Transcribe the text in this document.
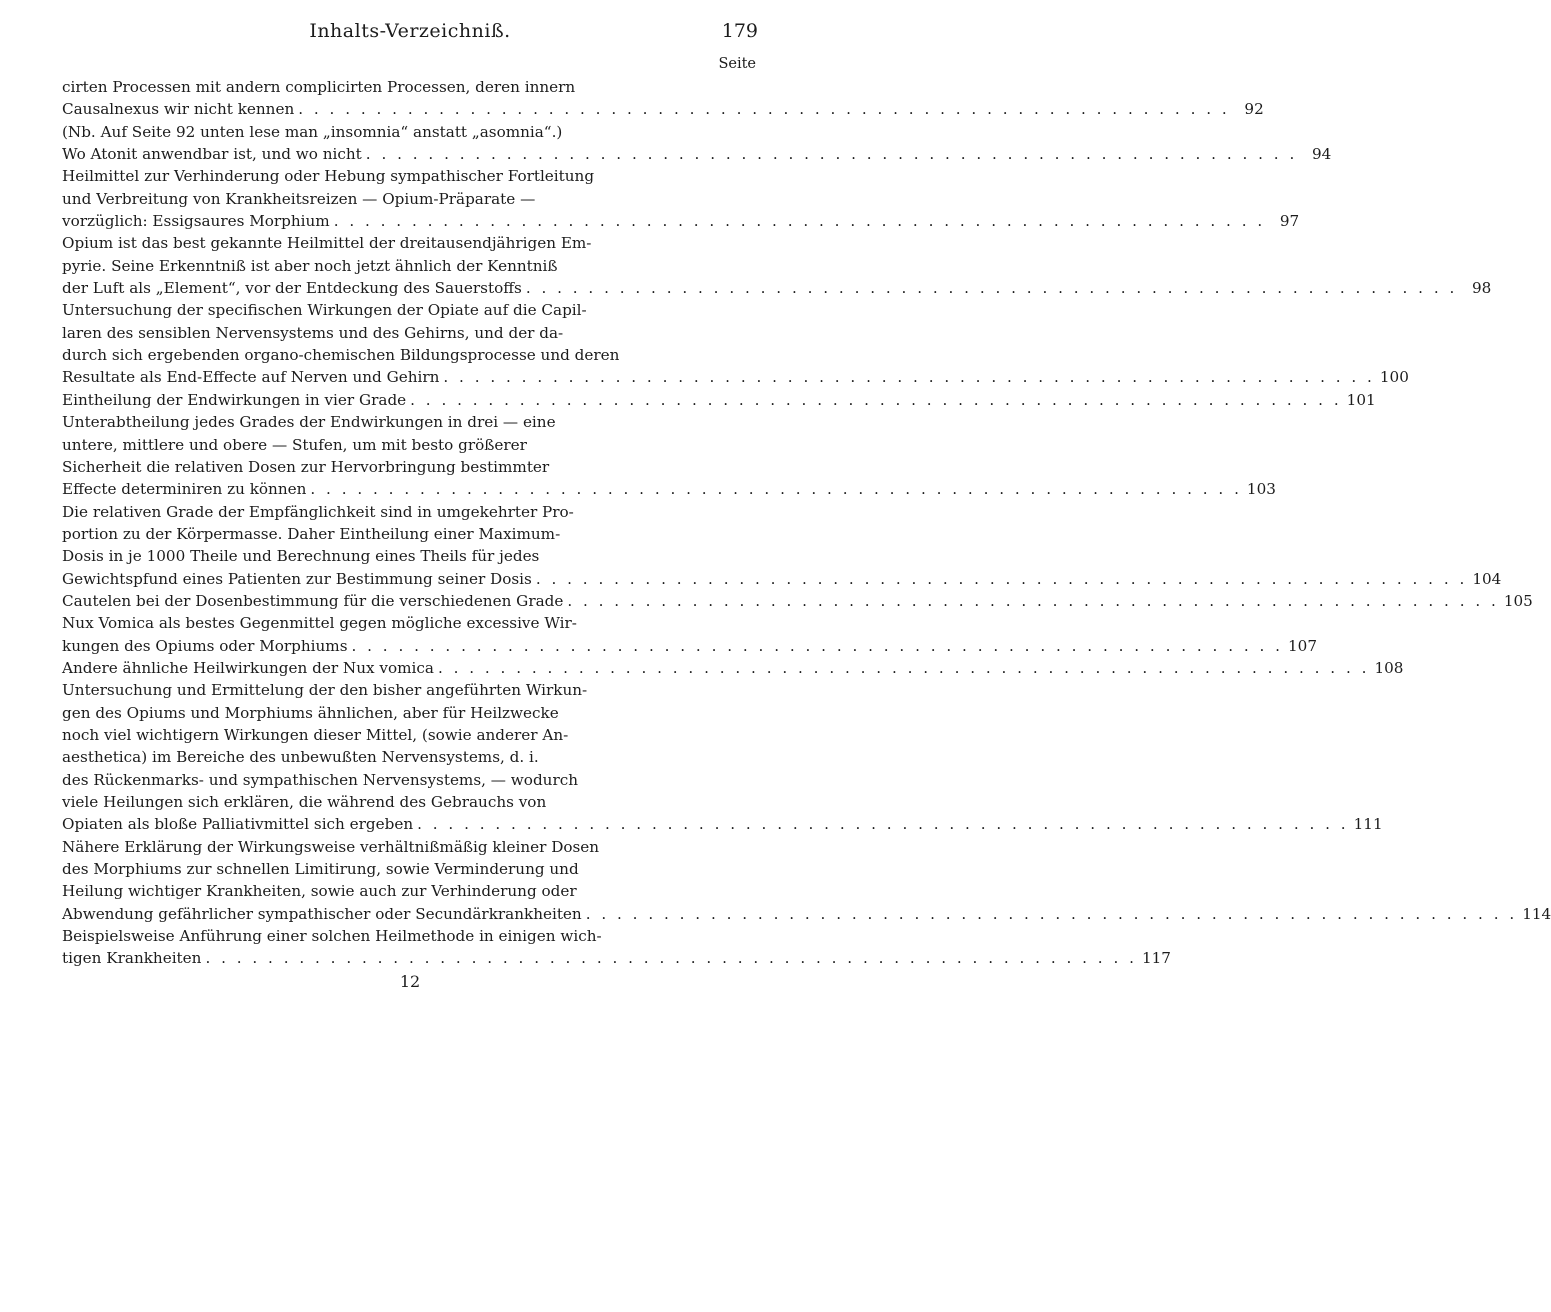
Inhalts-Verzeichniß.	179
Seite
cirten Processen mit andern complicirten Processen, deren innern
Causalnexus wir nicht kennen . . . . . . . . . . . . . . . . . . . . . . . . . . . . . . . . . . . . . . . . . . . . . . . . . . . . . . . . . . . . 92
(Nb. Auf Seite 92 unten lese man „insomnia“ anstatt „asomnia“.)
Wo Atonit anwendbar ist, und wo nicht . . . . . . . . . . . . . . . . . . . . . . . . . . . . . . . . . . . . . . . . . . . . . . . . . . . . . . . . . . . . 94
Heilmittel zur Verhinderung oder Hebung sympathischer Fortleitung
und Verbreitung von Krankheitsreizen — Opium-Präparate —
vorzüglich: Essigsaures Morphium . . . . . . . . . . . . . . . . . . . . . . . . . . . . . . . . . . . . . . . . . . . . . . . . . . . . . . . . . . . . 97
Opium ist das best gekannte Heilmittel der dreitausendjährigen Em-
pyrie. Seine Erkenntniß ist aber noch jetzt ähnlich der Kenntniß
der Luft als „Element“, vor der Entdeckung des Sauerstoffs . . . . . . . . . . . . . . . . . . . . . . . . . . . . . . . . . . . . . . . . . . . . . . . . . . . . . . . . . . . . 98
Untersuchung der specifischen Wirkungen der Opiate auf die Capil-
laren des sensiblen Nervensystems und des Gehirns, und der da-
durch sich ergebenden organo-chemischen Bildungsprocesse und deren
Resultate als End-Effecte auf Nerven und Gehirn . . . . . . . . . . . . . . . . . . . . . . . . . . . . . . . . . . . . . . . . . . . . . . . . . . . . . . . . . . . . 100
Eintheilung der Endwirkungen in vier Grade . . . . . . . . . . . . . . . . . . . . . . . . . . . . . . . . . . . . . . . . . . . . . . . . . . . . . . . . . . . . 101
Unterabtheilung jedes Grades der Endwirkungen in drei — eine
untere, mittlere und obere — Stufen, um mit besto größerer
Sicherheit die relativen Dosen zur Hervorbringung bestimmter
Effecte determiniren zu können . . . . . . . . . . . . . . . . . . . . . . . . . . . . . . . . . . . . . . . . . . . . . . . . . . . . . . . . . . . . 103
Die relativen Grade der Empfänglichkeit sind in umgekehrter Pro-
portion zu der Körpermasse. Daher Eintheilung einer Maximum-
Dosis in je 1000 Theile und Berechnung eines Theils für jedes
Gewichtspfund eines Patienten zur Bestimmung seiner Dosis . . . . . . . . . . . . . . . . . . . . . . . . . . . . . . . . . . . . . . . . . . . . . . . . . . . . . . . . . . . . 104
Cautelen bei der Dosenbestimmung für die verschiedenen Grade . . . . . . . . . . . . . . . . . . . . . . . . . . . . . . . . . . . . . . . . . . . . . . . . . . . . . . . . . . . . 105
Nux Vomica als bestes Gegenmittel gegen mögliche excessive Wir-
kungen des Opiums oder Morphiums . . . . . . . . . . . . . . . . . . . . . . . . . . . . . . . . . . . . . . . . . . . . . . . . . . . . . . . . . . . . 107
Andere ähnliche Heilwirkungen der Nux vomica . . . . . . . . . . . . . . . . . . . . . . . . . . . . . . . . . . . . . . . . . . . . . . . . . . . . . . . . . . . . 108
Untersuchung und Ermittelung der den bisher angeführten Wirkun-
gen des Opiums und Morphiums ähnlichen, aber für Heilzwecke
noch viel wichtigern Wirkungen dieser Mittel, (sowie anderer An-
aesthetica) im Bereiche des unbewußten Nervensystems, d. i.
des Rückenmarks- und sympathischen Nervensystems, — wodurch
viele Heilungen sich erklären, die während des Gebrauchs von
Opiaten als bloße Palliativmittel sich ergeben . . . . . . . . . . . . . . . . . . . . . . . . . . . . . . . . . . . . . . . . . . . . . . . . . . . . . . . . . . . . 111
Nähere Erklärung der Wirkungsweise verhältnißmäßig kleiner Dosen
des Morphiums zur schnellen Limitirung, sowie Verminderung und
Heilung wichtiger Krankheiten, sowie auch zur Verhinderung oder
Abwendung gefährlicher sympathischer oder Secundärkrankheiten . . . . . . . . . . . . . . . . . . . . . . . . . . . . . . . . . . . . . . . . . . . . . . . . . . . . . . . . . . . . 114
Beispielsweise Anführung einer solchen Heilmethode in einigen wich-
tigen Krankheiten . . . . . . . . . . . . . . . . . . . . . . . . . . . . . . . . . . . . . . . . . . . . . . . . . . . . . . . . . . . . 117
12
